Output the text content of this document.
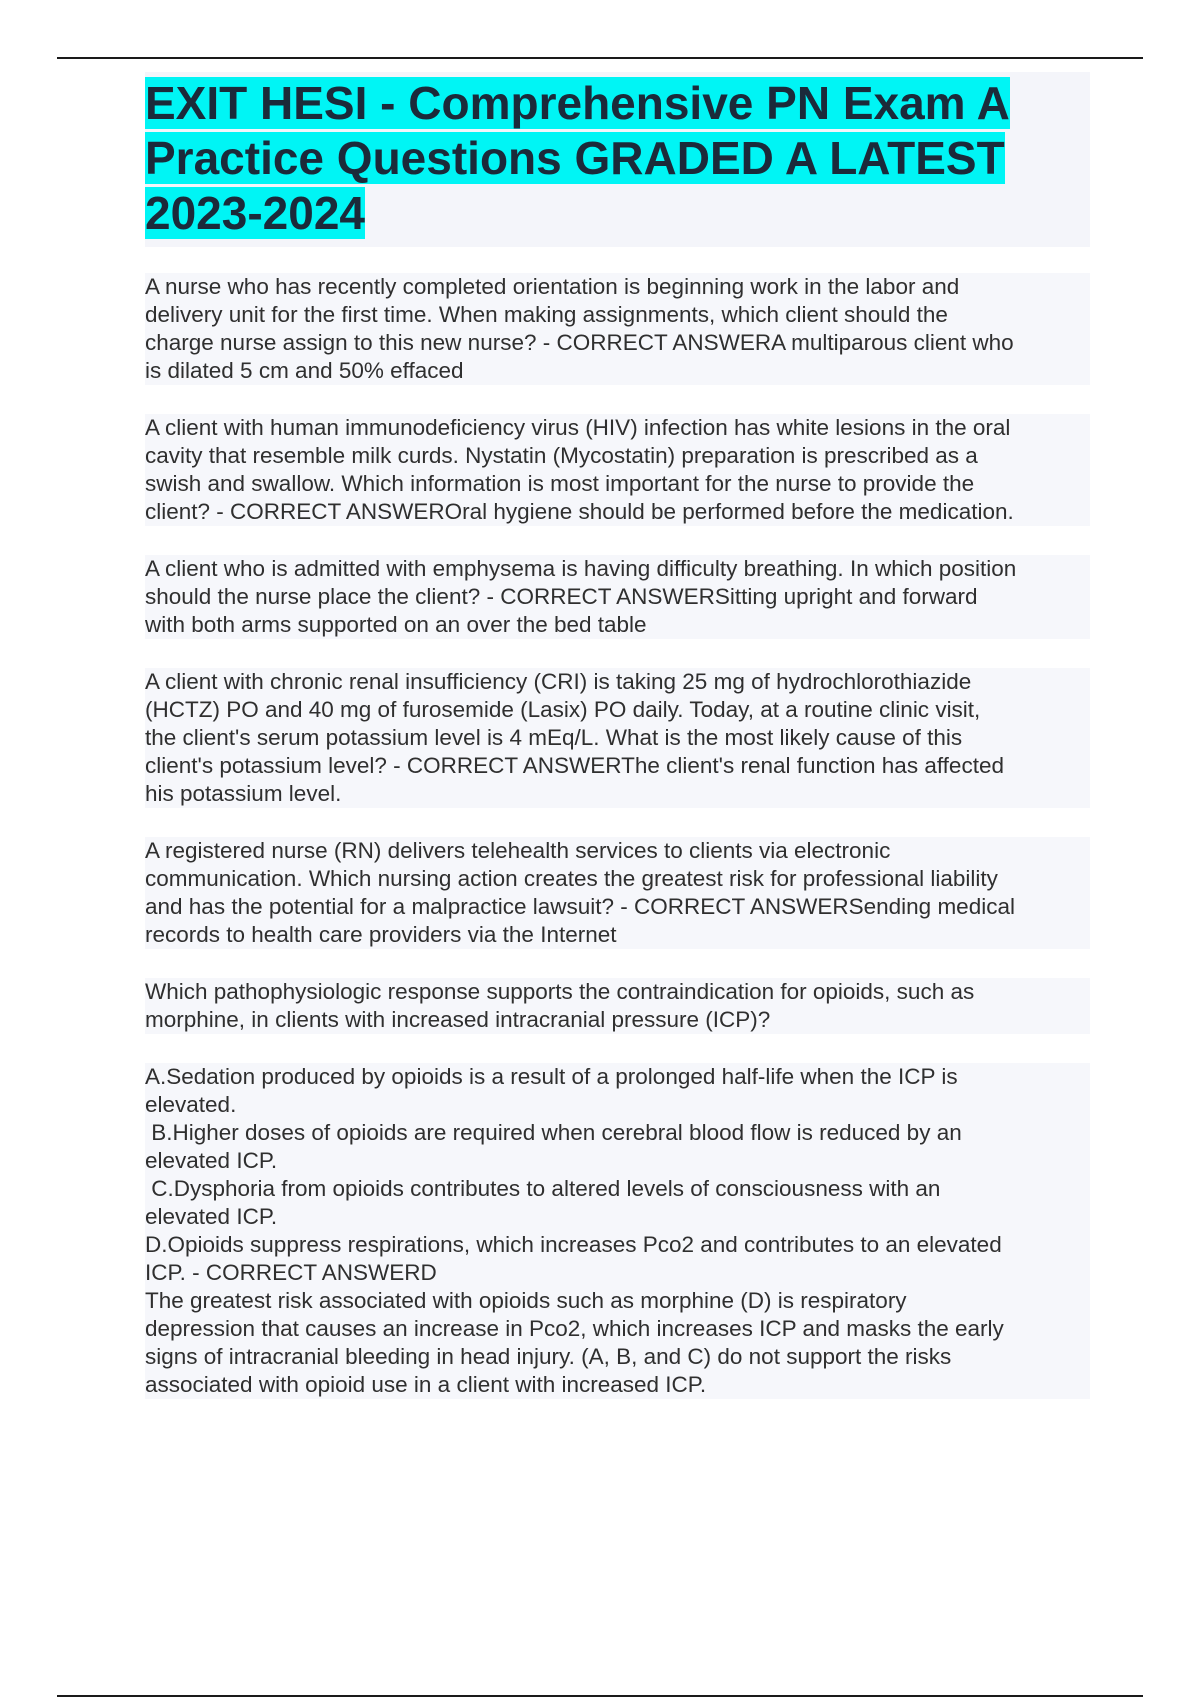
EXIT HESI - Comprehensive PN Exam A
Practice Questions GRADED A LATEST
2023-2024

A nurse who has recently completed orientation is beginning work in the labor and
delivery unit for the first time. When making assignments, which client should the
charge nurse assign to this new nurse? - CORRECT ANSWERA multiparous client who
is dilated 5 cm and 50% effaced

A client with human immunodeficiency virus (HIV) infection has white lesions in the oral
cavity that resemble milk curds. Nystatin (Mycostatin) preparation is prescribed as a
swish and swallow. Which information is most important for the nurse to provide the
client? - CORRECT ANSWEROral hygiene should be performed before the medication.

A client who is admitted with emphysema is having difficulty breathing. In which position
should the nurse place the client? - CORRECT ANSWERSitting upright and forward
with both arms supported on an over the bed table

A client with chronic renal insufficiency (CRI) is taking 25 mg of hydrochlorothiazide
(HCTZ) PO and 40 mg of furosemide (Lasix) PO daily. Today, at a routine clinic visit,
the client's serum potassium level is 4 mEq/L. What is the most likely cause of this
client's potassium level? - CORRECT ANSWERThe client's renal function has affected
his potassium level.

A registered nurse (RN) delivers telehealth services to clients via electronic
communication. Which nursing action creates the greatest risk for professional liability
and has the potential for a malpractice lawsuit? - CORRECT ANSWERSending medical
records to health care providers via the Internet

Which pathophysiologic response supports the contraindication for opioids, such as
morphine, in clients with increased intracranial pressure (ICP)?

A.Sedation produced by opioids is a result of a prolonged half-life when the ICP is
elevated.
B.Higher doses of opioids are required when cerebral blood flow is reduced by an
elevated ICP.
C.Dysphoria from opioids contributes to altered levels of consciousness with an
elevated ICP.
D.Opioids suppress respirations, which increases Pco2 and contributes to an elevated
ICP. - CORRECT ANSWERD
The greatest risk associated with opioids such as morphine (D) is respiratory
depression that causes an increase in Pco2, which increases ICP and masks the early
signs of intracranial bleeding in head injury. (A, B, and C) do not support the risks
associated with opioid use in a client with increased ICP.
